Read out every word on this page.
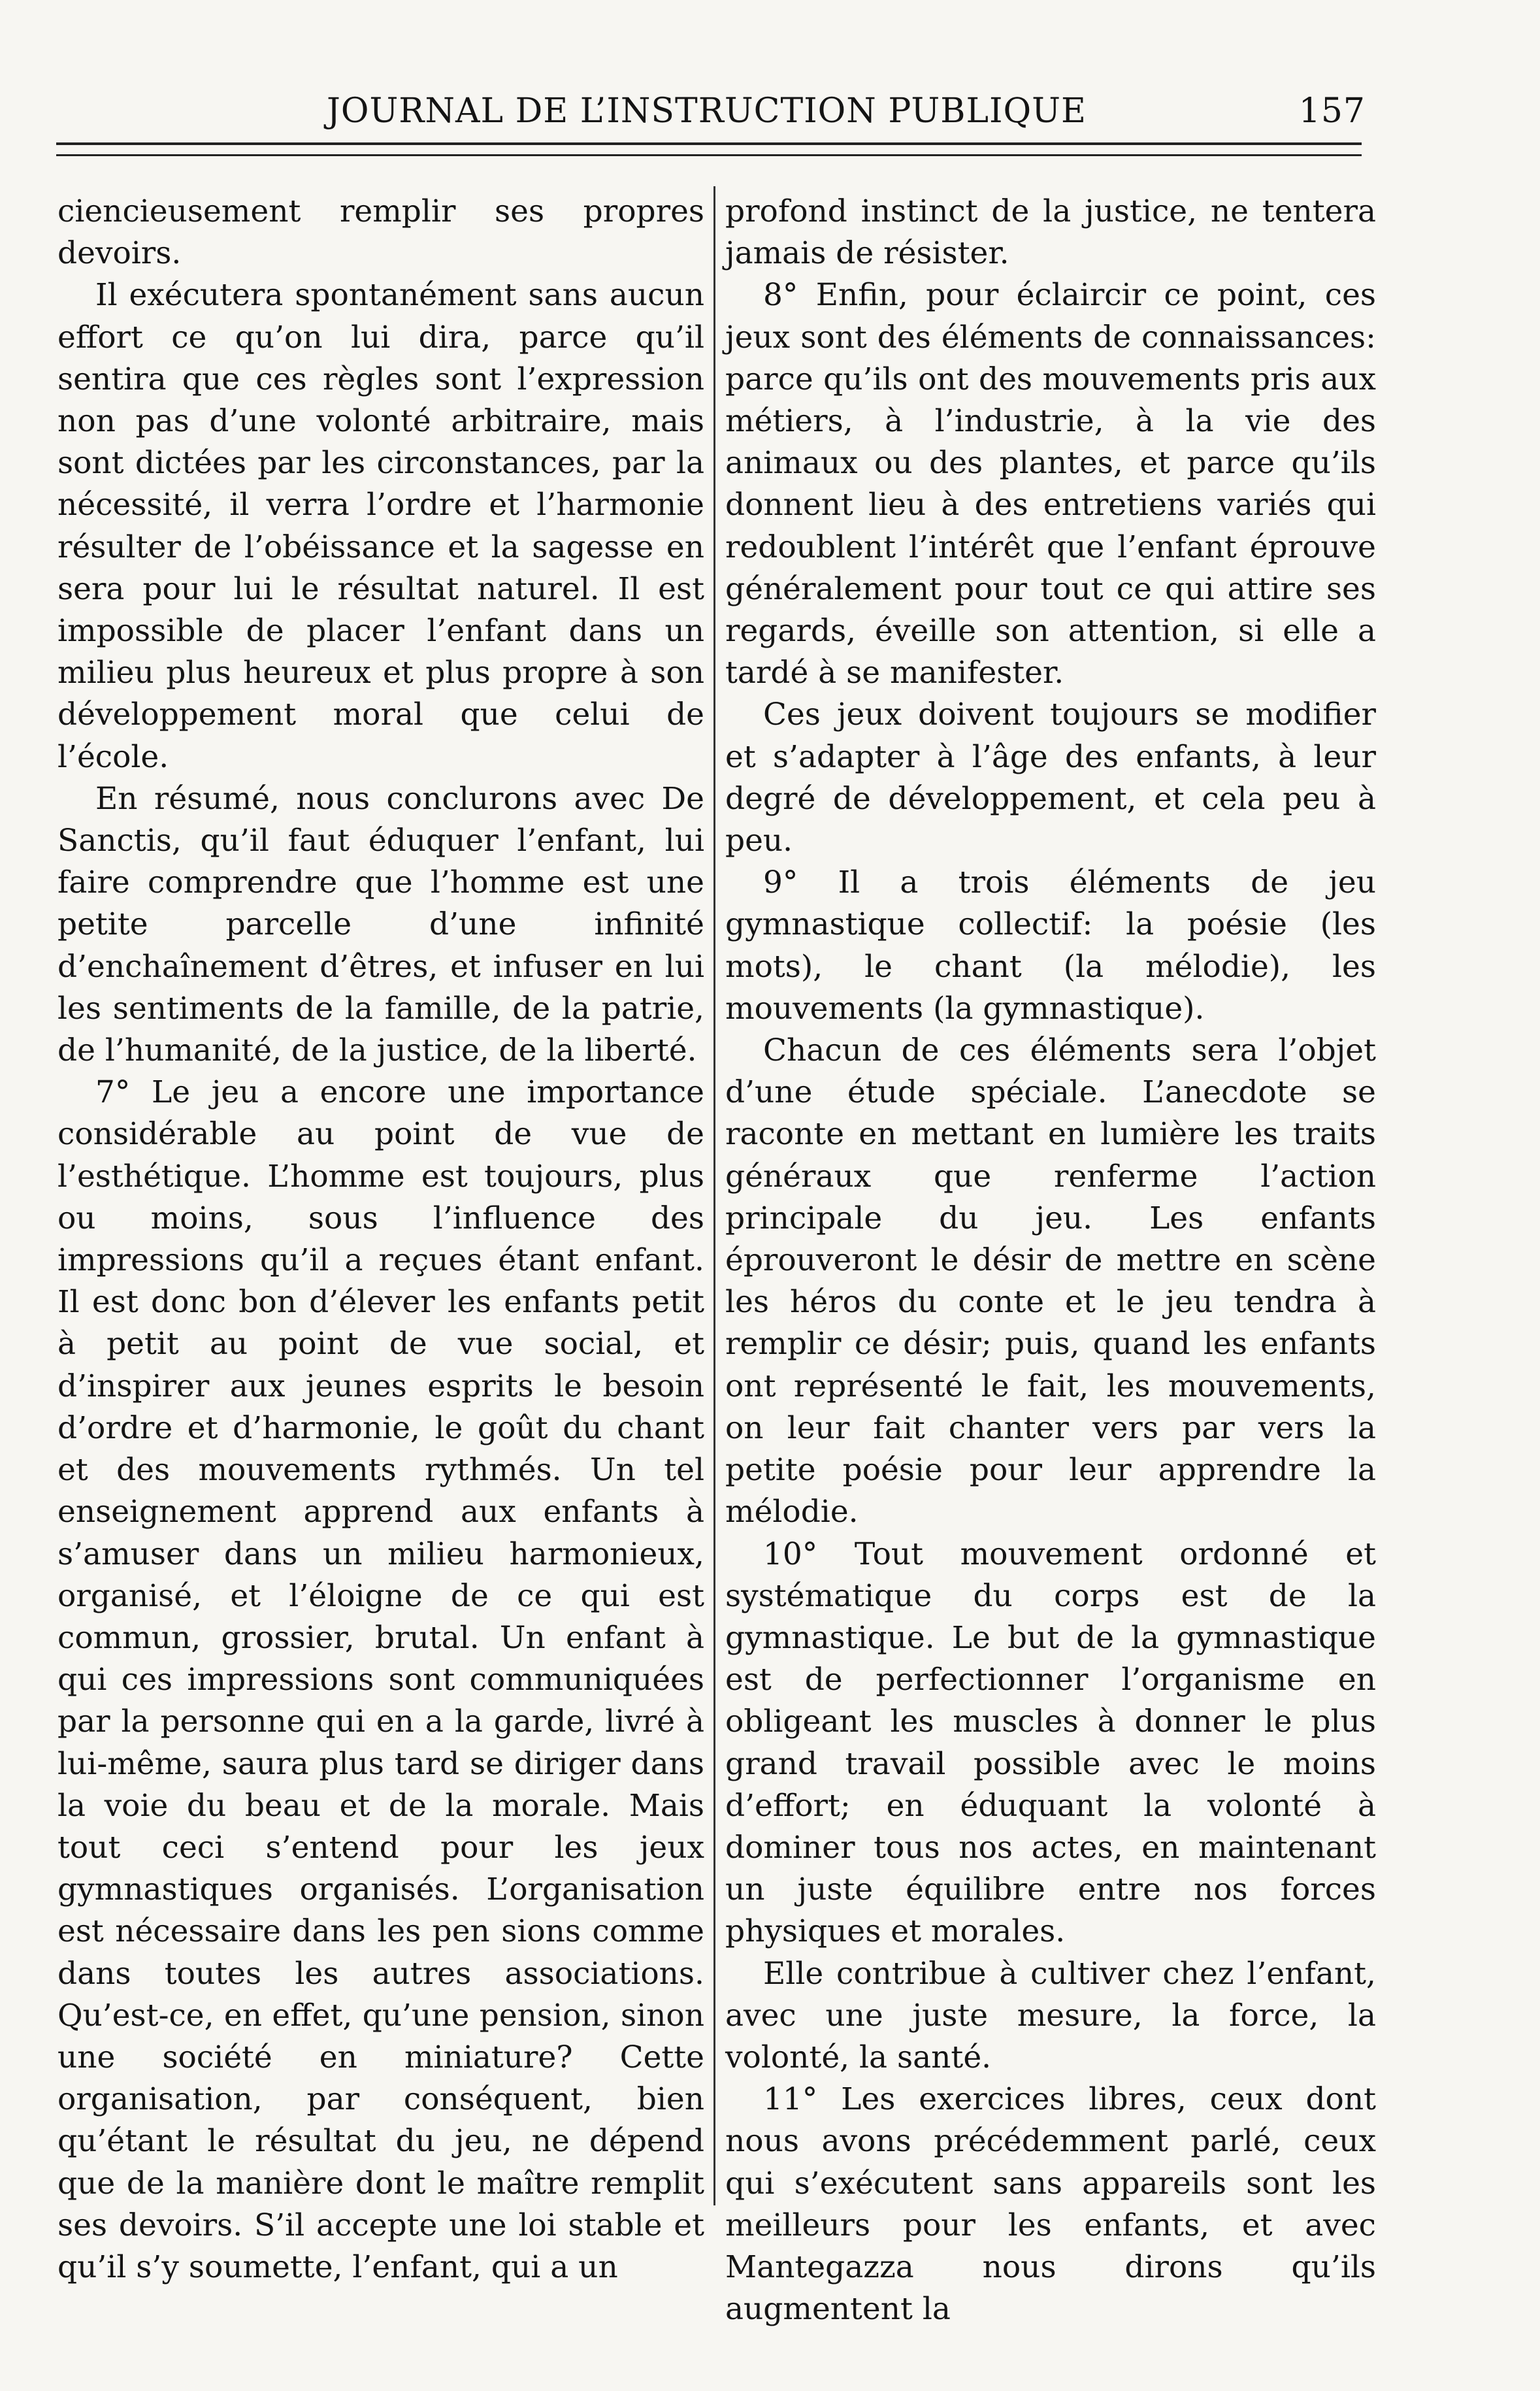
JOURNAL DE L’INSTRUCTION PUBLIQUE	157

ciencieusement remplir ses propres devoirs.

Il exécutera spontanément sans aucun effort ce qu’on lui dira, parce qu’il sentira que ces règles sont l’expression non pas d’une volonté arbitraire, mais sont dictées par les circonstances, par la nécessité, il verra l’ordre et l’harmonie résulter de l’obéissance et la sagesse en sera pour lui le résultat naturel. Il est impossible de placer l’enfant dans un milieu plus heureux et plus propre à son développement moral que celui de l’école.

En résumé, nous conclurons avec De Sanctis, qu’il faut éduquer l’enfant, lui faire comprendre que l’homme est une petite parcelle d’une infinité d’enchaînement d’êtres, et infuser en lui les sentiments de la famille, de la patrie, de l’humanité, de la justice, de la liberté.

7° Le jeu a encore une importance considérable au point de vue de l’esthétique. L’homme est toujours, plus ou moins, sous l’influence des impressions qu’il a reçues étant enfant. Il est donc bon d’élever les enfants petit à petit au point de vue social, et d’inspirer aux jeunes esprits le besoin d’ordre et d’harmonie, le goût du chant et des mouvements rythmés. Un tel enseignement apprend aux enfants à s’amuser dans un milieu harmonieux, organisé, et l’éloigne de ce qui est commun, grossier, brutal. Un enfant à qui ces impressions sont communiquées par la personne qui en a la garde, livré à lui-même, saura plus tard se diriger dans la voie du beau et de la morale. Mais tout ceci s’entend pour les jeux gymnastiques organisés. L’organisation est nécessaire dans les pen sions comme dans toutes les autres associations. Qu’est-ce, en effet, qu’une pension, sinon une société en miniature? Cette organisation, par conséquent, bien qu’étant le résultat du jeu, ne dépend que de la manière dont le maître remplit ses devoirs. S’il accepte une loi stable et qu’il s’y soumette, l’enfant, qui a un

profond instinct de la justice, ne tentera jamais de résister.

8° Enfin, pour éclaircir ce point, ces jeux sont des éléments de connaissances: parce qu’ils ont des mouvements pris aux métiers, à l’industrie, à la vie des animaux ou des plantes, et parce qu’ils donnent lieu à des entretiens variés qui redoublent l’intérêt que l’enfant éprouve généralement pour tout ce qui attire ses regards, éveille son attention, si elle a tardé à se manifester.

Ces jeux doivent toujours se modifier et s’adapter à l’âge des enfants, à leur degré de développement, et cela peu à peu.

9° Il a trois éléments de jeu gymnastique collectif: la poésie (les mots), le chant (la mélodie), les mouvements (la gymnastique).

Chacun de ces éléments sera l’objet d’une étude spéciale. L’anecdote se raconte en mettant en lumière les traits généraux que renferme l’action principale du jeu. Les enfants éprouveront le désir de mettre en scène les héros du conte et le jeu tendra à remplir ce désir; puis, quand les enfants ont représenté le fait, les mouvements, on leur fait chanter vers par vers la petite poésie pour leur apprendre la mélodie.

10° Tout mouvement ordonné et systématique du corps est de la gymnastique. Le but de la gymnastique est de perfectionner l’organisme en obligeant les muscles à donner le plus grand travail possible avec le moins d’effort; en éduquant la volonté à dominer tous nos actes, en maintenant un juste équilibre entre nos forces physiques et morales.

Elle contribue à cultiver chez l’enfant, avec une juste mesure, la force, la volonté, la santé.

11° Les exercices libres, ceux dont nous avons précédemment parlé, ceux qui s’exécutent sans appareils sont les meilleurs pour les enfants, et avec Mantegazza nous dirons qu’ils augmentent la
